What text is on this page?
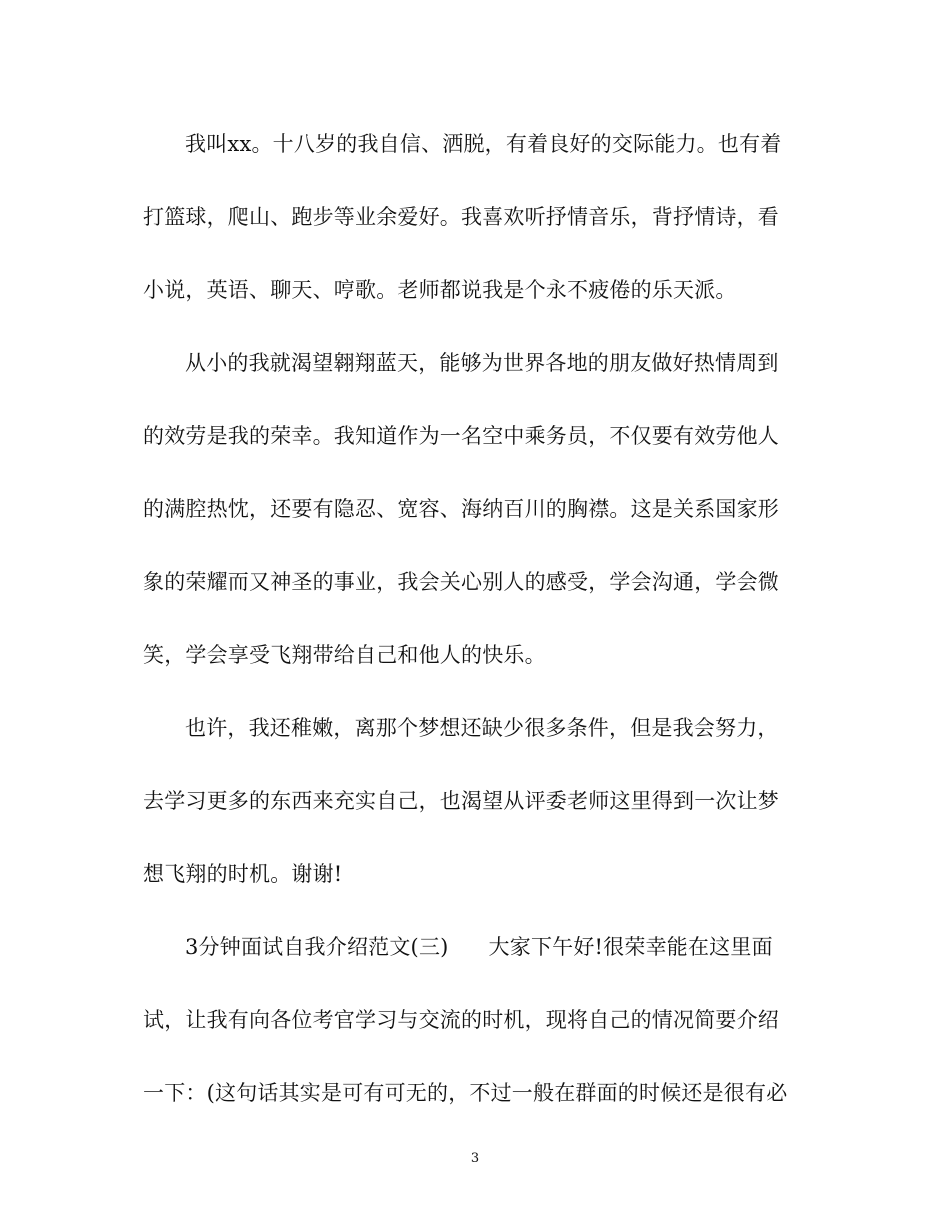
我叫xx。十八岁的我自信、洒脱，有着良好的交际能力。也有着
打篮球，爬山、跑步等业余爱好。我喜欢听抒情音乐，背抒情诗，看
小说，英语、聊天、哼歌。老师都说我是个永不疲倦的乐天派。
从小的我就渴望翱翔蓝天，能够为世界各地的朋友做好热情周到
的效劳是我的荣幸。我知道作为一名空中乘务员，不仅要有效劳他人
的满腔热忱，还要有隐忍、宽容、海纳百川的胸襟。这是关系国家形
象的荣耀而又神圣的事业，我会关心别人的感受，学会沟通，学会微
笑，学会享受飞翔带给自己和他人的快乐。
也许，我还稚嫩，离那个梦想还缺少很多条件，但是我会努力，
去学习更多的东西来充实自己，也渴望从评委老师这里得到一次让梦
想飞翔的时机。谢谢!
3分钟面试自我介绍范文(三) 大家下午好!很荣幸能在这里面
试，让我有向各位考官学习与交流的时机，现将自己的情况简要介绍
一下：(这句话其实是可有可无的，不过一般在群面的时候还是很有必
3
